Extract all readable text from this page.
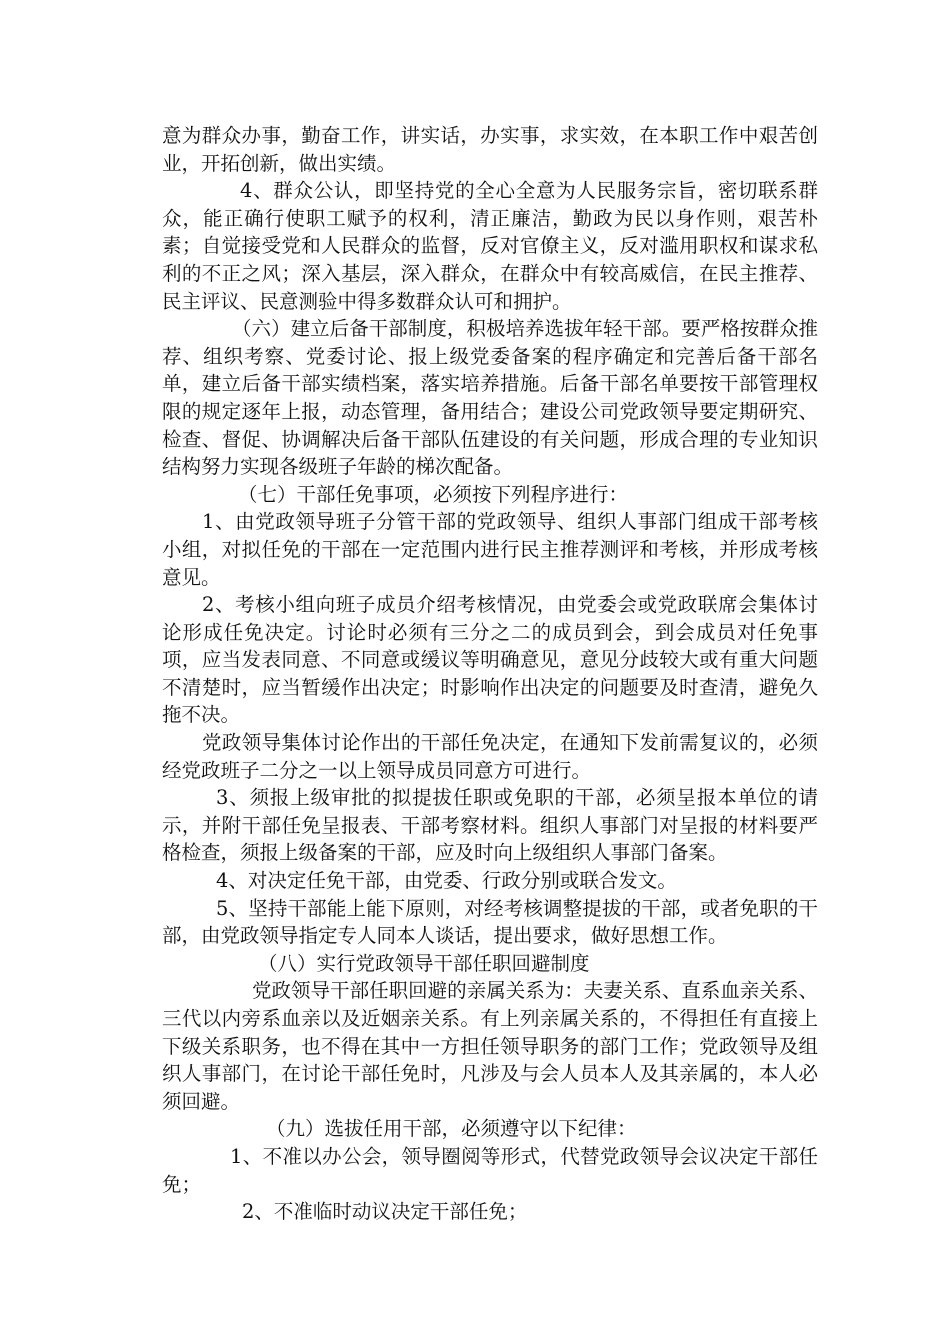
意为群众办事，勤奋工作，讲实话，办实事，求实效，在本职工作中艰苦创业，开拓创新，做出实绩。

4、群众公认，即坚持党的全心全意为人民服务宗旨，密切联系群众，能正确行使职工赋予的权利，清正廉洁，勤政为民以身作则，艰苦朴素；自觉接受党和人民群众的监督，反对官僚主义，反对滥用职权和谋求私利的不正之风；深入基层，深入群众，在群众中有较高威信，在民主推荐、民主评议、民意测验中得多数群众认可和拥护。

（六）建立后备干部制度，积极培养选拔年轻干部。要严格按群众推荐、组织考察、党委讨论、报上级党委备案的程序确定和完善后备干部名单，建立后备干部实绩档案，落实培养措施。后备干部名单要按干部管理权限的规定逐年上报，动态管理，备用结合；建设公司党政领导要定期研究、检查、督促、协调解决后备干部队伍建设的有关问题，形成合理的专业知识结构努力实现各级班子年龄的梯次配备。

（七）干部任免事项，必须按下列程序进行：

1、由党政领导班子分管干部的党政领导、组织人事部门组成干部考核小组，对拟任免的干部在一定范围内进行民主推荐测评和考核，并形成考核意见。

2、考核小组向班子成员介绍考核情况，由党委会或党政联席会集体讨论形成任免决定。讨论时必须有三分之二的成员到会，到会成员对任免事项，应当发表同意、不同意或缓议等明确意见，意见分歧较大或有重大问题不清楚时，应当暂缓作出决定；时影响作出决定的问题要及时查清，避免久拖不决。

党政领导集体讨论作出的干部任免决定，在通知下发前需复议的，必须经党政班子二分之一以上领导成员同意方可进行。

3、须报上级审批的拟提拔任职或免职的干部，必须呈报本单位的请示，并附干部任免呈报表、干部考察材料。组织人事部门对呈报的材料要严格检查，须报上级备案的干部，应及时向上级组织人事部门备案。

4、对决定任免干部，由党委、行政分别或联合发文。

5、坚持干部能上能下原则，对经考核调整提拔的干部，或者免职的干部，由党政领导指定专人同本人谈话，提出要求，做好思想工作。

（八）实行党政领导干部任职回避制度

党政领导干部任职回避的亲属关系为：夫妻关系、直系血亲关系、三代以内旁系血亲以及近姻亲关系。有上列亲属关系的，不得担任有直接上下级关系职务，也不得在其中一方担任领导职务的部门工作；党政领导及组织人事部门，在讨论干部任免时，凡涉及与会人员本人及其亲属的，本人必须回避。

（九）选拔任用干部，必须遵守以下纪律：

1、不准以办公会，领导圈阅等形式，代替党政领导会议决定干部任免；

2、不准临时动议决定干部任免；
